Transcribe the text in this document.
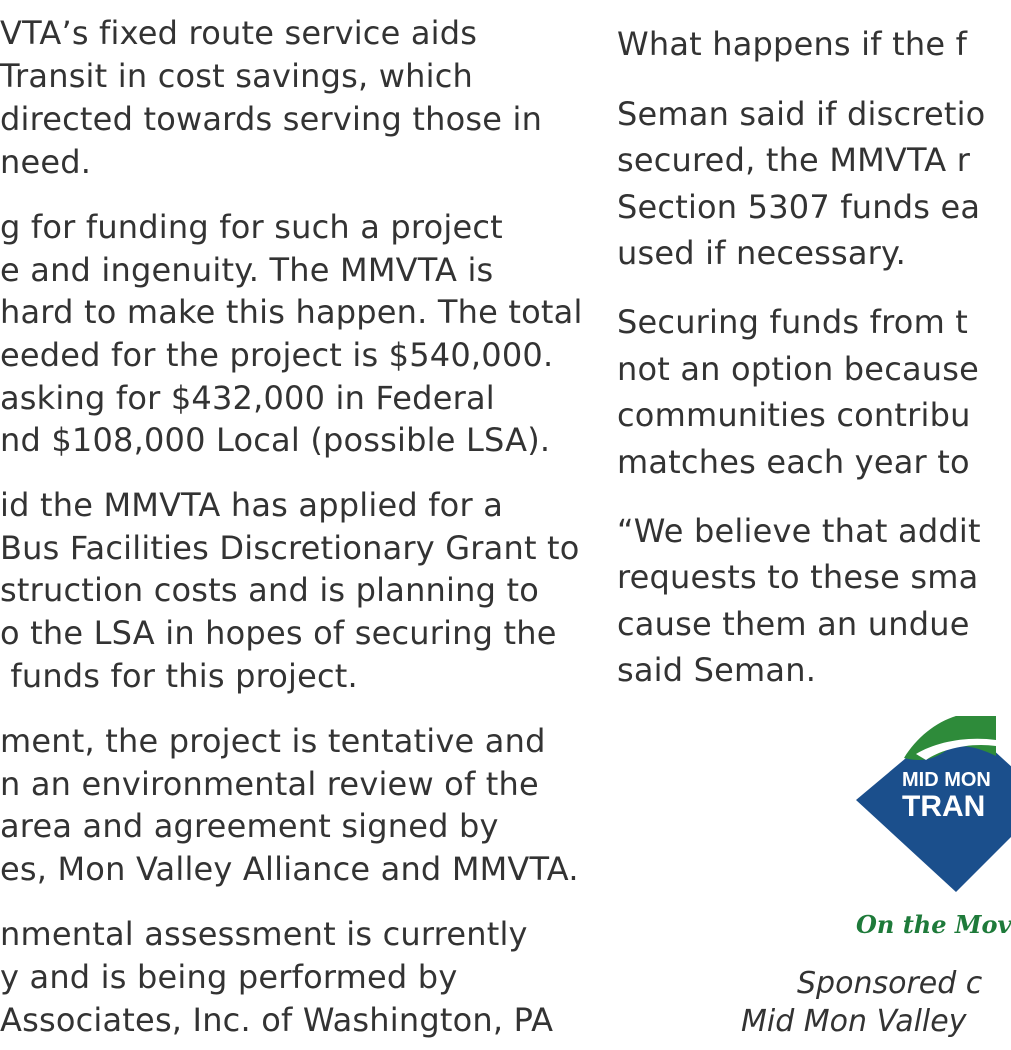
VTA’s fixed route service aids
Transit in cost savings, which
directed towards serving those in
need.
g for funding for such a project
e and ingenuity. The MMVTA is
hard to make this happen. The total
eeded for the project is $540,000.
asking for $432,000 in Federal
nd $108,000 Local (possible LSA).
id the MMVTA has applied for a
Bus Facilities Discretionary Grant to
struction costs and is planning to
o the LSA in hopes of securing the
funds for this project.
ment, the project is tentative and
n an environmental review of the
area and agreement signed by
es, Mon Valley Alliance and MMVTA.
nmental assessment is currently
y and is being performed by
Associates, Inc. of Washington, PA
What happens if the f
Seman said if discretio
secured, the MMVTA r
Section 5307 funds ea
used if necessary.
Securing funds from t
not an option because
communities contribu
matches each year to
“We believe that addit
requests to these sma
cause them an undue
said Seman.
MID MON
TRAN
On the Mov
Sponsored c
Mid Mon Valley
